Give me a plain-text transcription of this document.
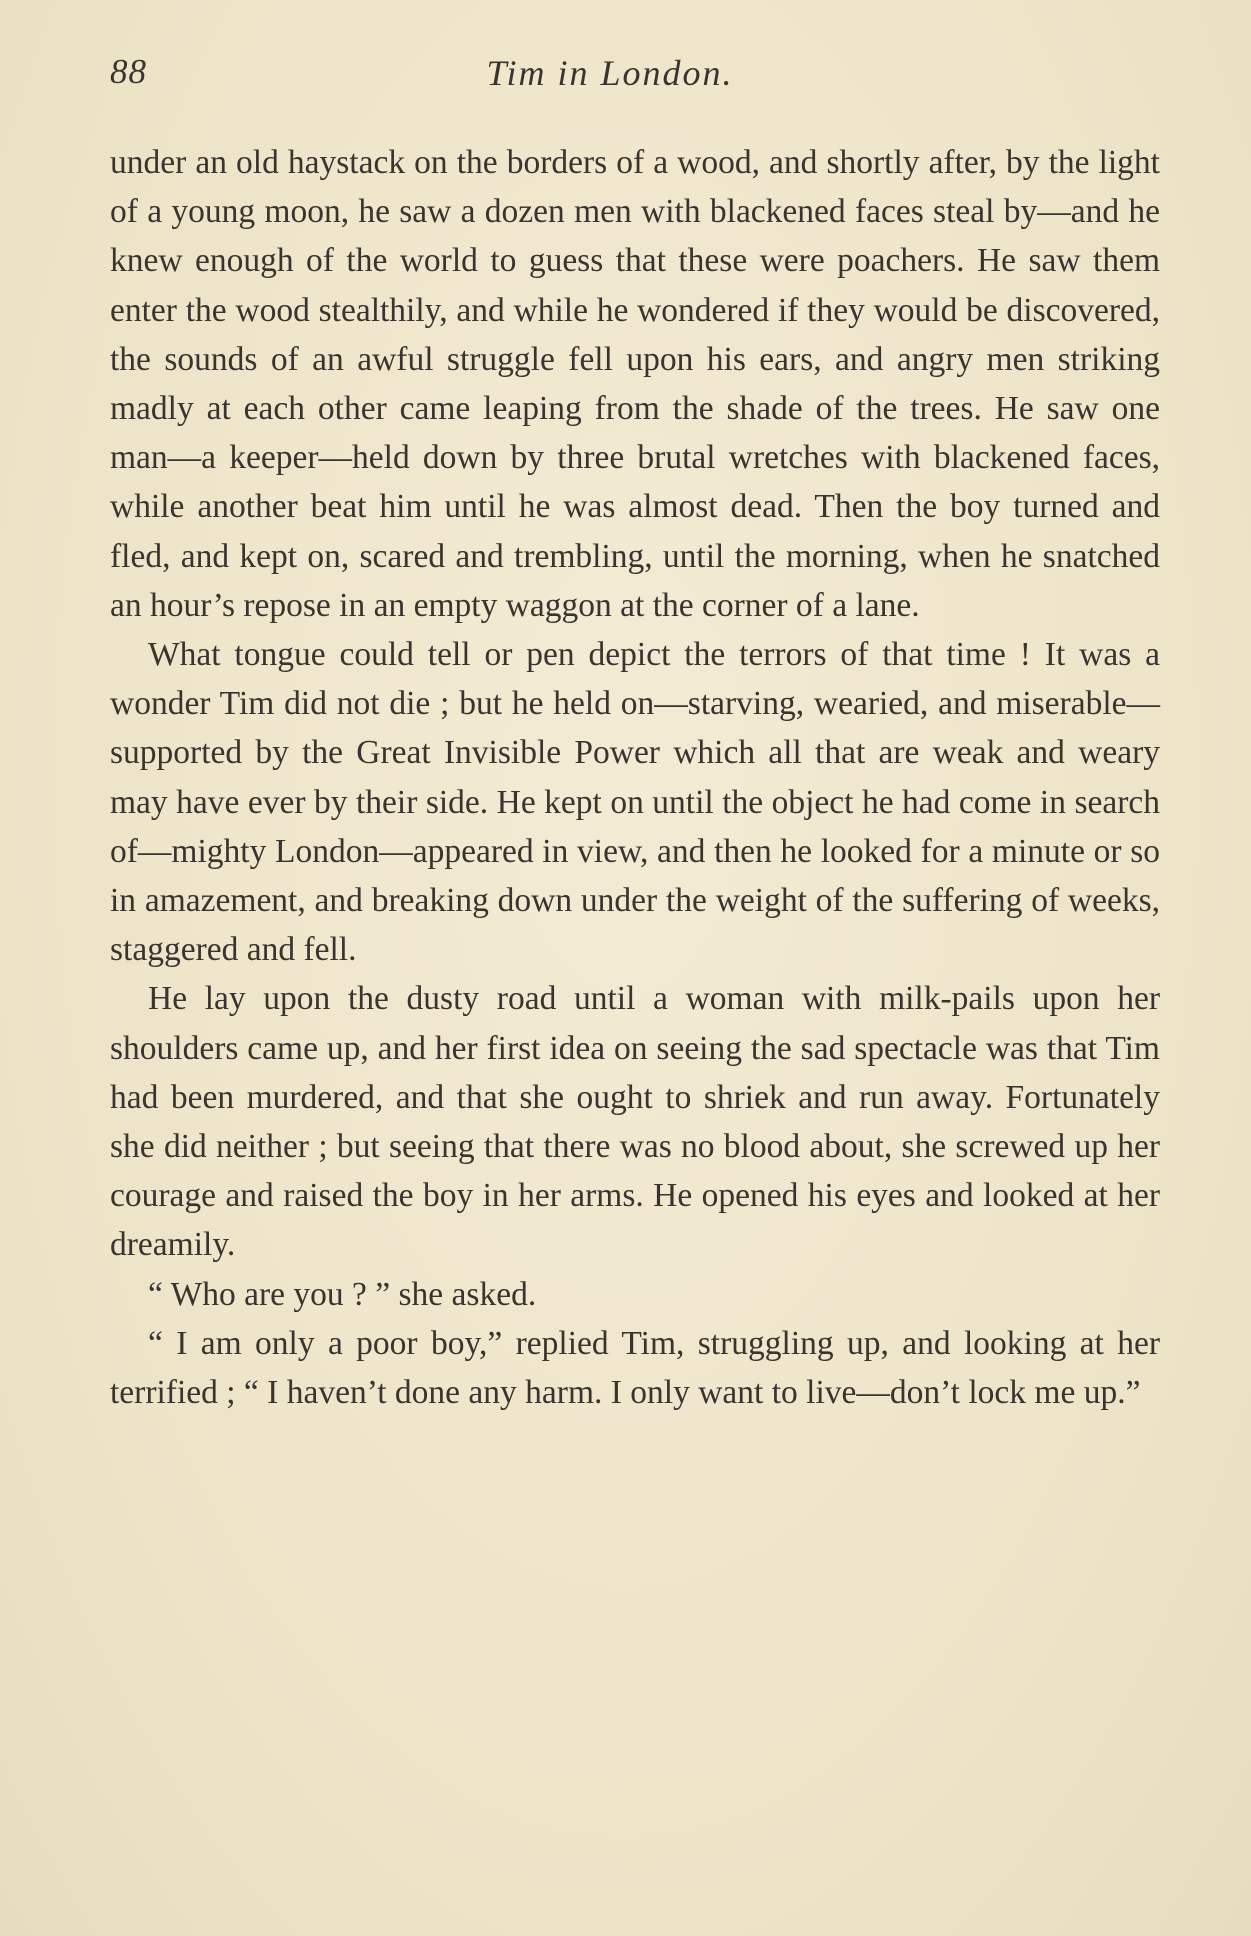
88	Tim in London.

under an old haystack on the borders of a wood, and shortly after, by the light of a young moon, he saw a dozen men with blackened faces steal by—and he knew enough of the world to guess that these were poachers. He saw them enter the wood stealthily, and while he wondered if they would be discovered, the sounds of an awful struggle fell upon his ears, and angry men striking madly at each other came leaping from the shade of the trees. He saw one man—a keeper—held down by three brutal wretches with blackened faces, while another beat him until he was almost dead. Then the boy turned and fled, and kept on, scared and trembling, until the morning, when he snatched an hour’s repose in an empty waggon at the corner of a lane.

What tongue could tell or pen depict the terrors of that time ! It was a wonder Tim did not die ; but he held on—starving, wearied, and miserable—supported by the Great Invisible Power which all that are weak and weary may have ever by their side. He kept on until the object he had come in search of—mighty London—appeared in view, and then he looked for a minute or so in amazement, and breaking down under the weight of the suffering of weeks, staggered and fell.

He lay upon the dusty road until a woman with milk-pails upon her shoulders came up, and her first idea on seeing the sad spectacle was that Tim had been murdered, and that she ought to shriek and run away. Fortunately she did neither ; but seeing that there was no blood about, she screwed up her courage and raised the boy in her arms. He opened his eyes and looked at her dreamily.

“ Who are you ? ” she asked.

“ I am only a poor boy,” replied Tim, struggling up, and looking at her terrified ; “ I haven’t done any harm. I only want to live—don’t lock me up.”
